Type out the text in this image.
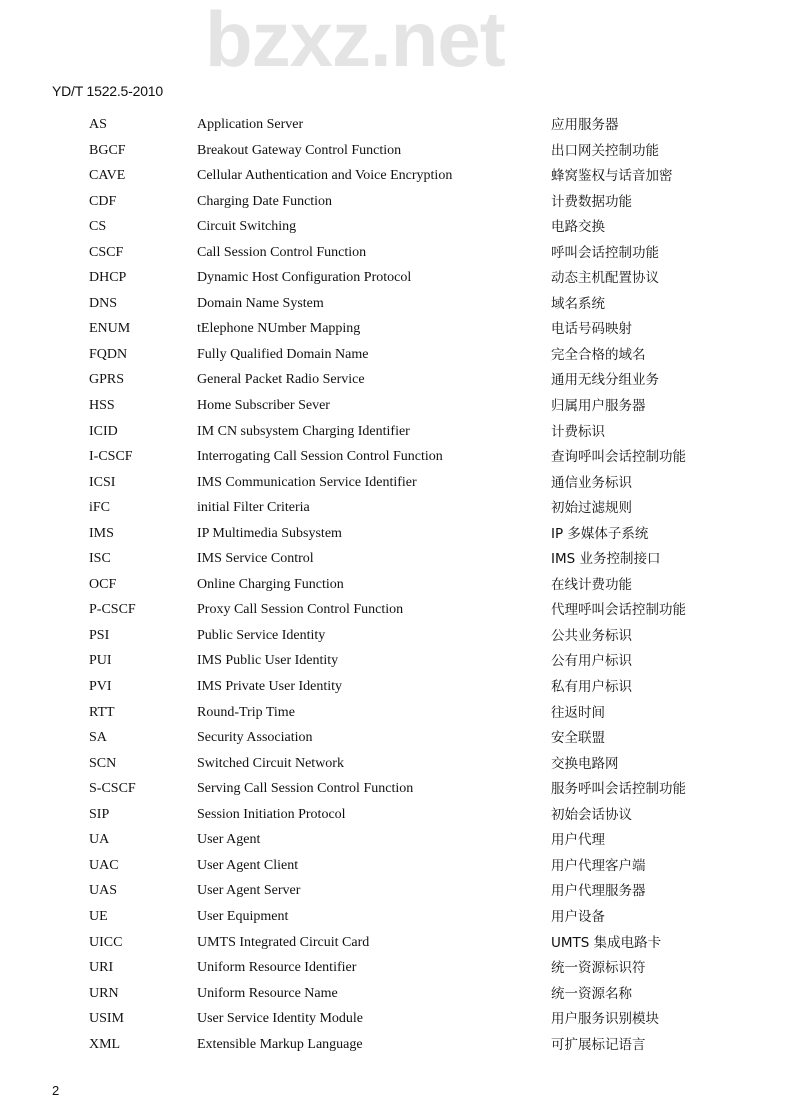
bzxz.net
YD/T 1522.5-2010
AS	Application Server	应用服务器
BGCF	Breakout Gateway Control Function	出口网关控制功能
CAVE	Cellular Authentication and Voice Encryption	蜂窝鉴权与话音加密
CDF	Charging Date Function	计费数据功能
CS	Circuit Switching	电路交换
CSCF	Call Session Control Function	呼叫会话控制功能
DHCP	Dynamic Host Configuration Protocol	动态主机配置协议
DNS	Domain Name System	域名系统
ENUM	tElephone NUmber Mapping	电话号码映射
FQDN	Fully Qualified Domain Name	完全合格的域名
GPRS	General Packet Radio Service	通用无线分组业务
HSS	Home Subscriber Sever	归属用户服务器
ICID	IM CN subsystem Charging Identifier	计费标识
I-CSCF	Interrogating Call Session Control Function	查询呼叫会话控制功能
ICSI	IMS Communication Service Identifier	通信业务标识
iFC	initial Filter Criteria	初始过滤规则
IMS	IP Multimedia Subsystem	IP 多媒体子系统
ISC	IMS Service Control	IMS 业务控制接口
OCF	Online Charging Function	在线计费功能
P-CSCF	Proxy Call Session Control Function	代理呼叫会话控制功能
PSI	Public Service Identity	公共业务标识
PUI	IMS Public User Identity	公有用户标识
PVI	IMS Private User Identity	私有用户标识
RTT	Round-Trip Time	往返时间
SA	Security Association	安全联盟
SCN	Switched Circuit Network	交换电路网
S-CSCF	Serving Call Session Control Function	服务呼叫会话控制功能
SIP	Session Initiation Protocol	初始会话协议
UA	User Agent	用户代理
UAC	User Agent Client	用户代理客户端
UAS	User Agent Server	用户代理服务器
UE	User Equipment	用户设备
UICC	UMTS Integrated Circuit Card	UMTS 集成电路卡
URI	Uniform Resource Identifier	统一资源标识符
URN	Uniform Resource Name	统一资源名称
USIM	User Service Identity Module	用户服务识别模块
XML	Extensible Markup Language	可扩展标记语言
2
